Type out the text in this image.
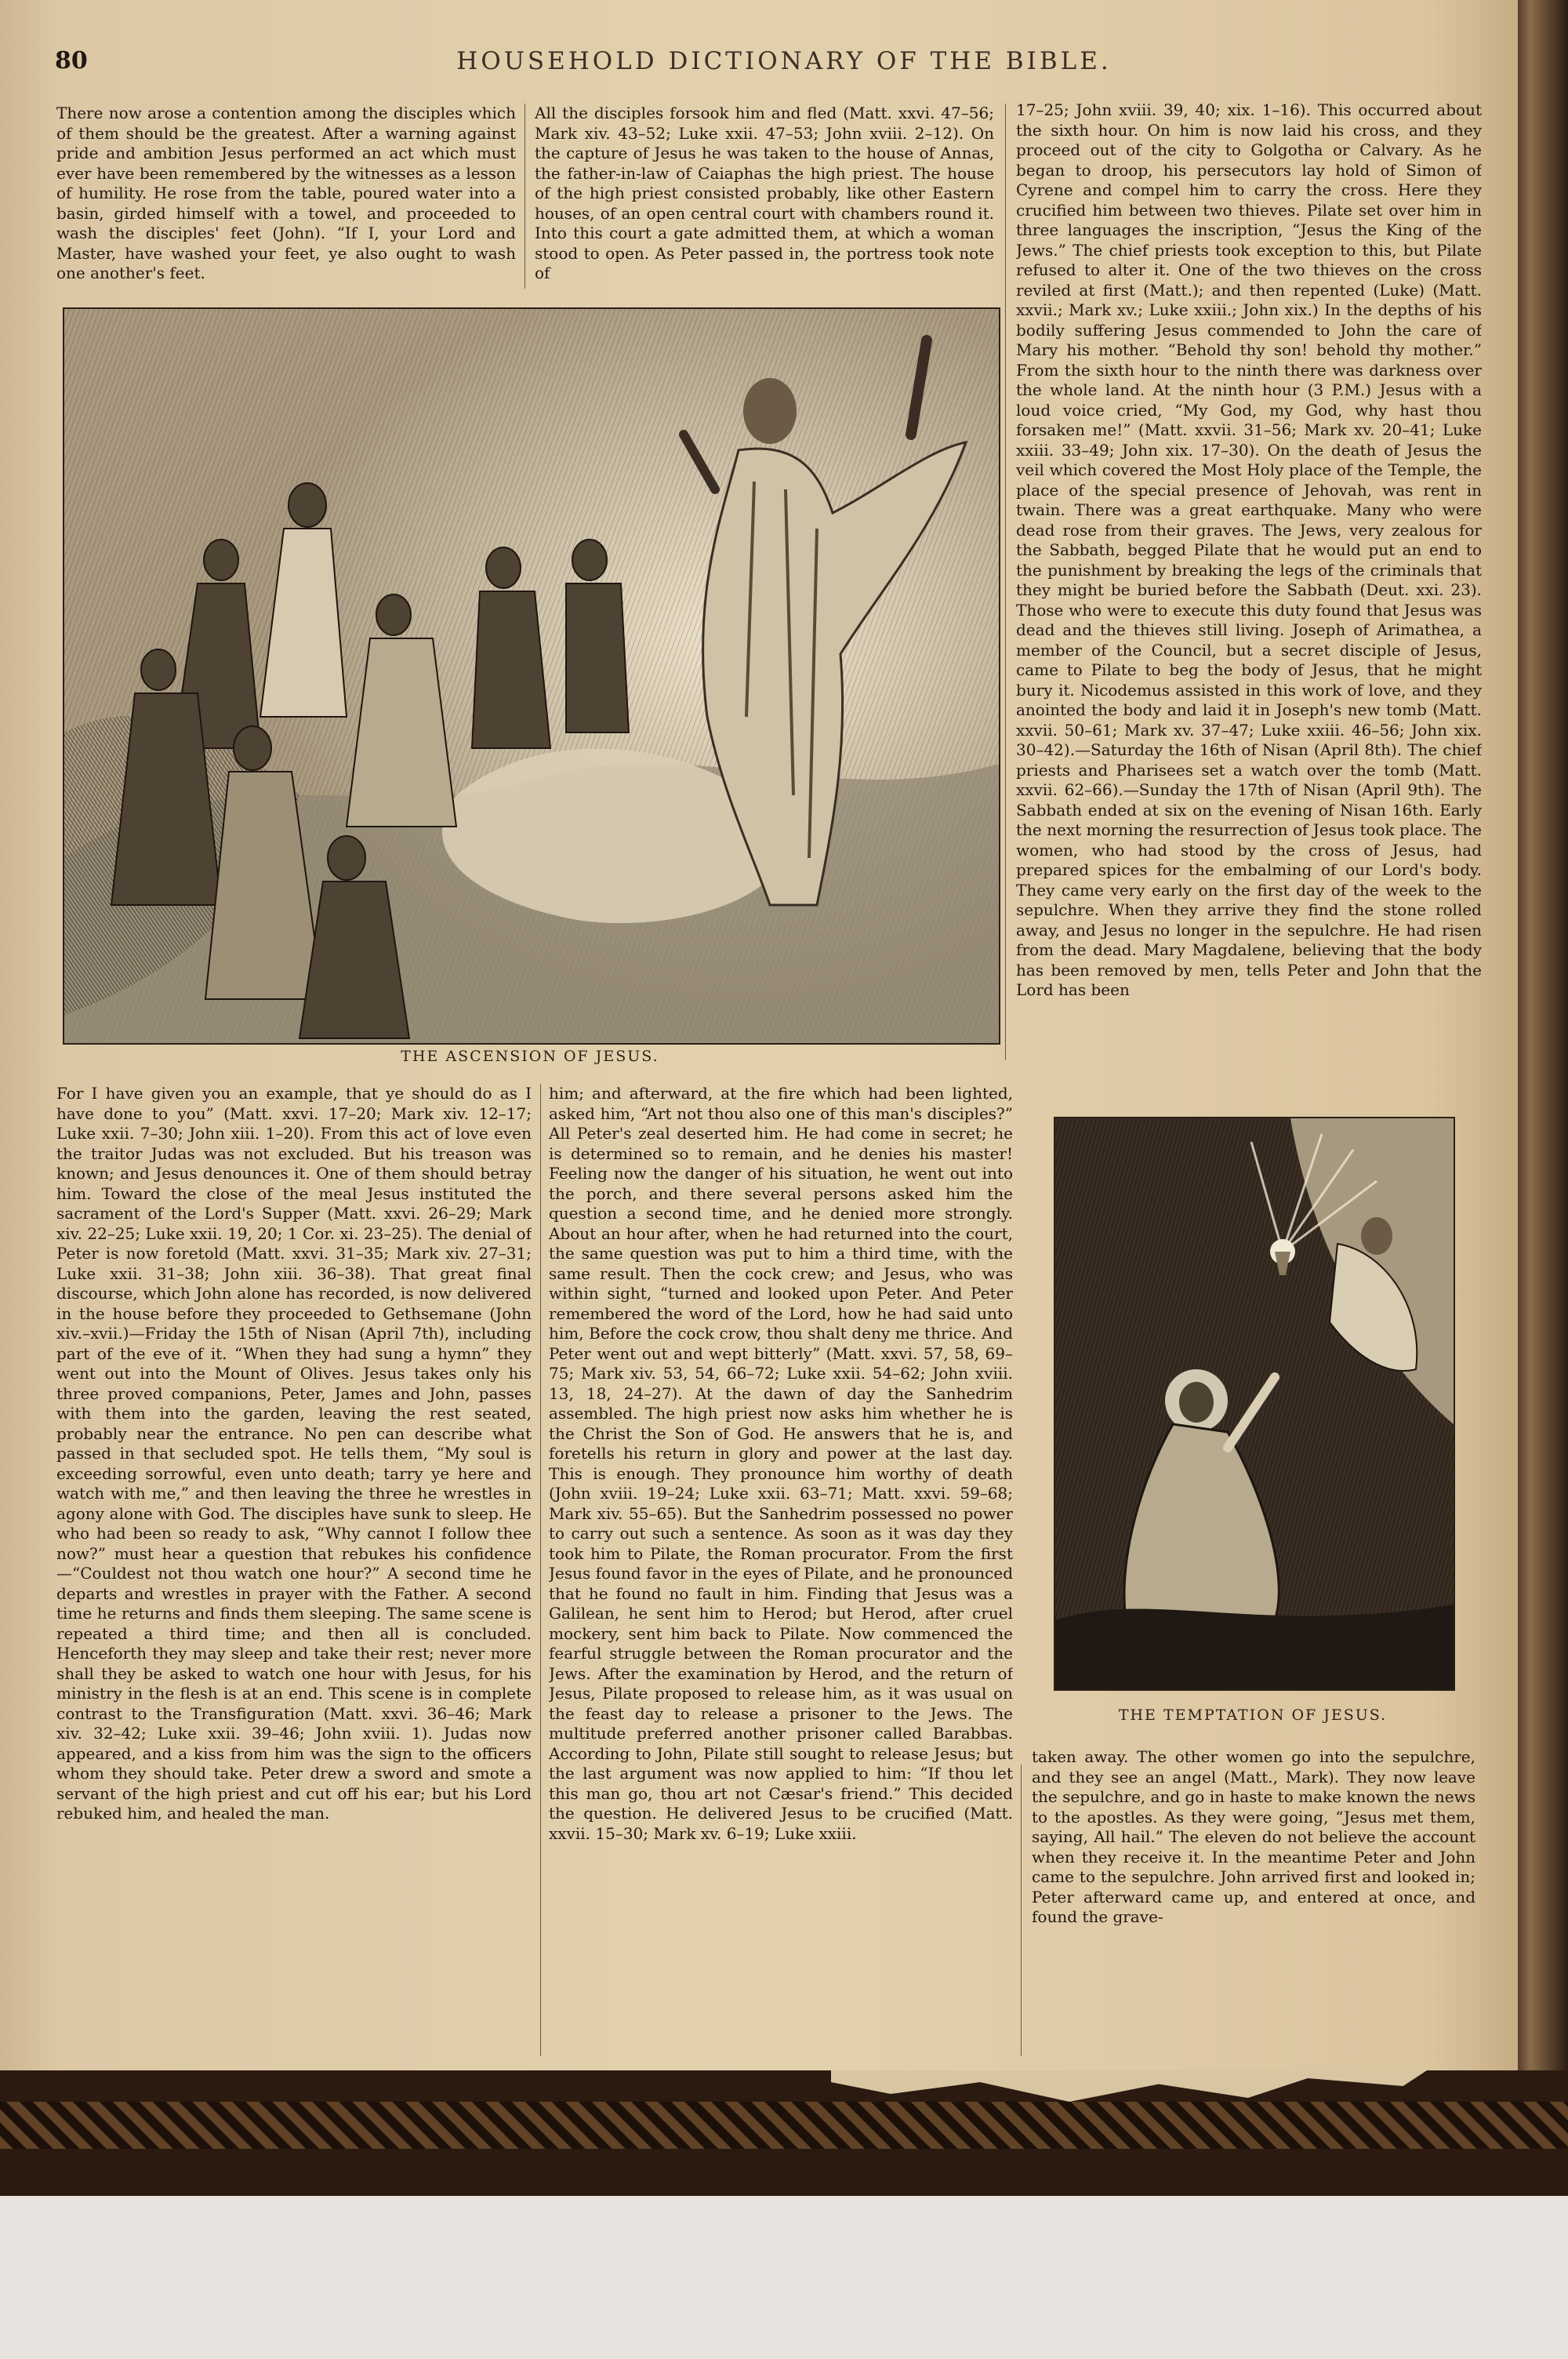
80	HOUSEHOLD DICTIONARY OF THE BIBLE.

There now arose a contention among the disciples which of them should be the greatest. After a warning against pride and ambition Jesus performed an act which must ever have been remembered by the witnesses as a lesson of humility. He rose from the table, poured water into a basin, girded himself with a towel, and proceeded to wash the disciples' feet (John). “If I, your Lord and Master, have washed your feet, ye also ought to wash one another's feet.

All the disciples forsook him and fled (Matt. xxvi. 47–56; Mark xiv. 43–52; Luke xxii. 47–53; John xviii. 2–12). On the capture of Jesus he was taken to the house of Annas, the father-in-law of Caiaphas the high priest. The house of the high priest consisted probably, like other Eastern houses, of an open central court with chambers round it. Into this court a gate admitted them, at which a woman stood to open. As Peter passed in, the portress took note of

17–25; John xviii. 39, 40; xix. 1–16). This occurred about the sixth hour. On him is now laid his cross, and they proceed out of the city to Golgotha or Calvary. As he began to droop, his persecutors lay hold of Simon of Cyrene and compel him to carry the cross. Here they crucified him between two thieves. Pilate set over him in three languages the inscription, “Jesus the King of the Jews.” The chief priests took exception to this, but Pilate refused to alter it. One of the two thieves on the cross reviled at first (Matt.); and then repented (Luke) (Matt. xxvii.; Mark xv.; Luke xxiii.; John xix.) In the depths of his bodily suffering Jesus commended to John the care of Mary his mother. “Behold thy son! behold thy mother.” From the sixth hour to the ninth there was darkness over the whole land. At the ninth hour (3 P.M.) Jesus with a loud voice cried, “My God, my God, why hast thou forsaken me!” (Matt. xxvii. 31–56; Mark xv. 20–41; Luke xxiii. 33–49; John xix. 17–30). On the death of Jesus the veil which covered the Most Holy place of the Temple, the place of the special presence of Jehovah, was rent in twain. There was a great earthquake. Many who were dead rose from their graves. The Jews, very zealous for the Sabbath, begged Pilate that he would put an end to the punishment by breaking the legs of the criminals that they might be buried before the Sabbath (Deut. xxi. 23). Those who were to execute this duty found that Jesus was dead and the thieves still living. Joseph of Arimathea, a member of the Council, but a secret disciple of Jesus, came to Pilate to beg the body of Jesus, that he might bury it. Nicodemus assisted in this work of love, and they anointed the body and laid it in Joseph's new tomb (Matt. xxvii. 50–61; Mark xv. 37–47; Luke xxiii. 46–56; John xix. 30–42).—Saturday the 16th of Nisan (April 8th). The chief priests and Pharisees set a watch over the tomb (Matt. xxvii. 62–66).—Sunday the 17th of Nisan (April 9th). The Sabbath ended at six on the evening of Nisan 16th. Early the next morning the resurrection of Jesus took place. The women, who had stood by the cross of Jesus, had prepared spices for the embalming of our Lord's body. They came very early on the first day of the week to the sepulchre. When they arrive they find the stone rolled away, and Jesus no longer in the sepulchre. He had risen from the dead. Mary Magdalene, believing that the body has been removed by men, tells Peter and John that the Lord has been

THE ASCENSION OF JESUS.

For I have given you an example, that ye should do as I have done to you” (Matt. xxvi. 17–20; Mark xiv. 12–17; Luke xxii. 7–30; John xiii. 1–20). From this act of love even the traitor Judas was not excluded. But his treason was known; and Jesus denounces it. One of them should betray him. Toward the close of the meal Jesus instituted the sacrament of the Lord's Supper (Matt. xxvi. 26–29; Mark xiv. 22–25; Luke xxii. 19, 20; 1 Cor. xi. 23–25). The denial of Peter is now foretold (Matt. xxvi. 31–35; Mark xiv. 27–31; Luke xxii. 31–38; John xiii. 36–38). That great final discourse, which John alone has recorded, is now delivered in the house before they proceeded to Gethsemane (John xiv.–xvii.)—Friday the 15th of Nisan (April 7th), including part of the eve of it. “When they had sung a hymn” they went out into the Mount of Olives. Jesus takes only his three proved companions, Peter, James and John, passes with them into the garden, leaving the rest seated, probably near the entrance. No pen can describe what passed in that secluded spot. He tells them, “My soul is exceeding sorrowful, even unto death; tarry ye here and watch with me,” and then leaving the three he wrestles in agony alone with God. The disciples have sunk to sleep. He who had been so ready to ask, “Why cannot I follow thee now?” must hear a question that rebukes his confidence—“Couldest not thou watch one hour?” A second time he departs and wrestles in prayer with the Father. A second time he returns and finds them sleeping. The same scene is repeated a third time; and then all is concluded. Henceforth they may sleep and take their rest; never more shall they be asked to watch one hour with Jesus, for his ministry in the flesh is at an end. This scene is in complete contrast to the Transfiguration (Matt. xxvi. 36–46; Mark xiv. 32–42; Luke xxii. 39–46; John xviii. 1). Judas now appeared, and a kiss from him was the sign to the officers whom they should take. Peter drew a sword and smote a servant of the high priest and cut off his ear; but his Lord rebuked him, and healed the man.

him; and afterward, at the fire which had been lighted, asked him, “Art not thou also one of this man's disciples?” All Peter's zeal deserted him. He had come in secret; he is determined so to remain, and he denies his master! Feeling now the danger of his situation, he went out into the porch, and there several persons asked him the question a second time, and he denied more strongly. About an hour after, when he had returned into the court, the same question was put to him a third time, with the same result. Then the cock crew; and Jesus, who was within sight, “turned and looked upon Peter. And Peter remembered the word of the Lord, how he had said unto him, Before the cock crow, thou shalt deny me thrice. And Peter went out and wept bitterly” (Matt. xxvi. 57, 58, 69–75; Mark xiv. 53, 54, 66–72; Luke xxii. 54–62; John xviii. 13, 18, 24–27). At the dawn of day the Sanhedrim assembled. The high priest now asks him whether he is the Christ the Son of God. He answers that he is, and foretells his return in glory and power at the last day. This is enough. They pronounce him worthy of death (John xviii. 19–24; Luke xxii. 63–71; Matt. xxvi. 59–68; Mark xiv. 55–65). But the Sanhedrim possessed no power to carry out such a sentence. As soon as it was day they took him to Pilate, the Roman procurator. From the first Jesus found favor in the eyes of Pilate, and he pronounced that he found no fault in him. Finding that Jesus was a Galilean, he sent him to Herod; but Herod, after cruel mockery, sent him back to Pilate. Now commenced the fearful struggle between the Roman procurator and the Jews. After the examination by Herod, and the return of Jesus, Pilate proposed to release him, as it was usual on the feast day to release a prisoner to the Jews. The multitude preferred another prisoner called Barabbas. According to John, Pilate still sought to release Jesus; but the last argument was now applied to him: “If thou let this man go, thou art not Cæsar's friend.” This decided the question. He delivered Jesus to be crucified (Matt. xxvii. 15–30; Mark xv. 6–19; Luke xxiii.

THE TEMPTATION OF JESUS.

taken away. The other women go into the sepulchre, and they see an angel (Matt., Mark). They now leave the sepulchre, and go in haste to make known the news to the apostles. As they were going, “Jesus met them, saying, All hail.” The eleven do not believe the account when they receive it. In the meantime Peter and John came to the sepulchre. John arrived first and looked in; Peter afterward came up, and entered at once, and found the grave-
